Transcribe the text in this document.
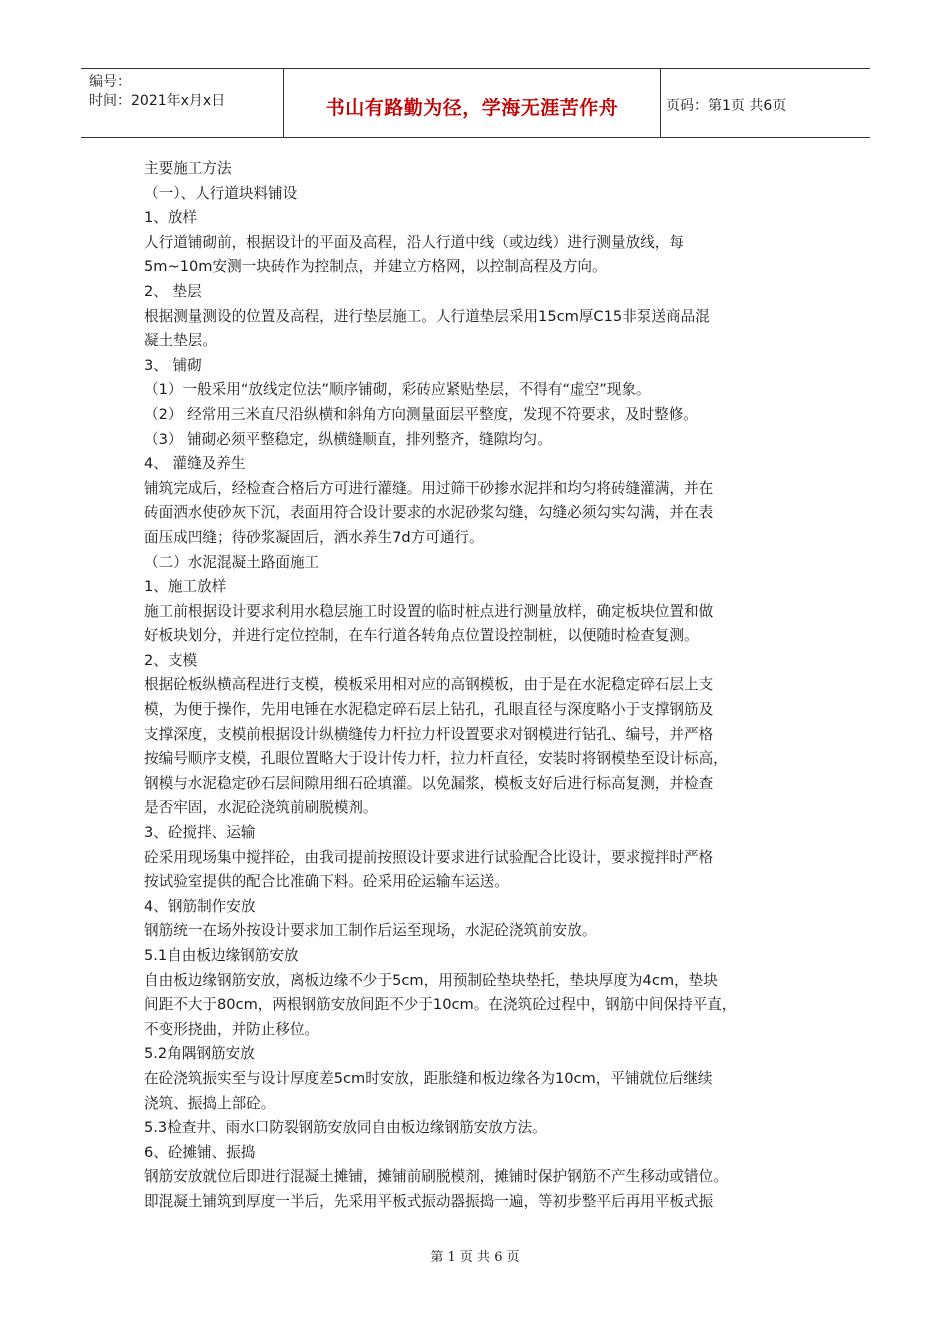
编号：
时间：2021年x月x日	书山有路勤为径，学海无涯苦作舟	页码：第1页 共6页
主要施工方法
（一）、人行道块料铺设
1、放样
人行道铺砌前，根据设计的平面及高程，沿人行道中线（或边线）进行测量放线，每
5m~10m安测一块砖作为控制点，并建立方格网，以控制高程及方向。
2、 垫层
根据测量测设的位置及高程，进行垫层施工。人行道垫层采用15cm厚C15非泵送商品混
凝土垫层。
3、 铺砌
（1）一般采用“放线定位法”顺序铺砌，彩砖应紧贴垫层，不得有“虚空”现象。
（2） 经常用三米直尺沿纵横和斜角方向测量面层平整度，发现不符要求，及时整修。
（3） 铺砌必须平整稳定，纵横缝顺直，排列整齐，缝隙均匀。
4、 灌缝及养生
铺筑完成后，经检查合格后方可进行灌缝。用过筛干砂掺水泥拌和均匀将砖缝灌满，并在
砖面洒水使砂灰下沉，表面用符合设计要求的水泥砂浆勾缝，勾缝必须勾实勾满，并在表
面压成凹缝；待砂浆凝固后，洒水养生7d方可通行。
（二）水泥混凝土路面施工
1、施工放样
施工前根据设计要求利用水稳层施工时设置的临时桩点进行测量放样，确定板块位置和做
好板块划分，并进行定位控制，在车行道各转角点位置设控制桩，以便随时检查复测。
2、支模
根据砼板纵横高程进行支模，模板采用相对应的高钢模板，由于是在水泥稳定碎石层上支
模，为便于操作，先用电锤在水泥稳定碎石层上钻孔，孔眼直径与深度略小于支撑钢筋及
支撑深度，支模前根据设计纵横缝传力杆拉力杆设置要求对钢模进行钻孔、编号，并严格
按编号顺序支模，孔眼位置略大于设计传力杆，拉力杆直径，安装时将钢模垫至设计标高，
钢模与水泥稳定砂石层间隙用细石砼填灌。以免漏浆，模板支好后进行标高复测，并检查
是否牢固，水泥砼浇筑前刷脱模剂。
3、砼搅拌、运输
砼采用现场集中搅拌砼，由我司提前按照设计要求进行试验配合比设计，要求搅拌时严格
按试验室提供的配合比准确下料。砼采用砼运输车运送。
4、钢筋制作安放
钢筋统一在场外按设计要求加工制作后运至现场，水泥砼浇筑前安放。
5.1自由板边缘钢筋安放
自由板边缘钢筋安放，离板边缘不少于5cm，用预制砼垫块垫托，垫块厚度为4cm，垫块
间距不大于80cm，两根钢筋安放间距不少于10cm。在浇筑砼过程中，钢筋中间保持平直，
不变形挠曲，并防止移位。
5.2角隅钢筋安放
在砼浇筑振实至与设计厚度差5cm时安放，距胀缝和板边缘各为10cm，平铺就位后继续
浇筑、振捣上部砼。
5.3检查井、雨水口防裂钢筋安放同自由板边缘钢筋安放方法。
6、砼摊铺、振捣
钢筋安放就位后即进行混凝土摊铺，摊铺前刷脱模剂，摊铺时保护钢筋不产生移动或错位。
即混凝土铺筑到厚度一半后，先采用平板式振动器振捣一遍，等初步整平后再用平板式振
第 1 页 共 6 页
